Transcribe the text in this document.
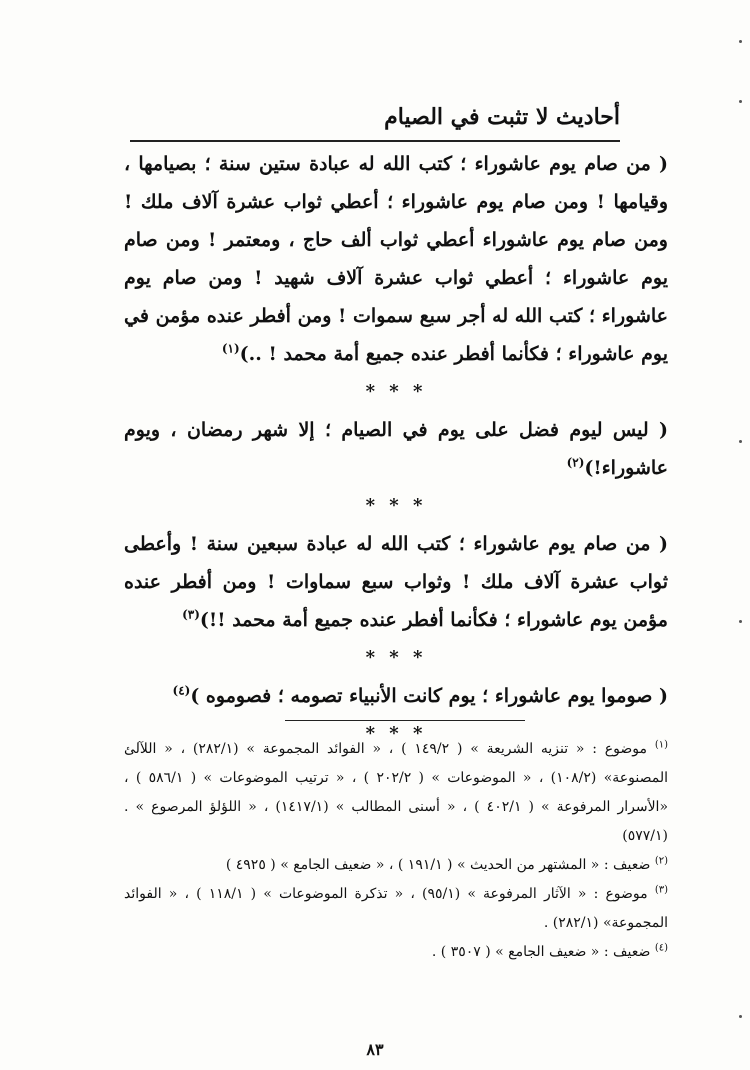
أحاديث لا تثبت في الصيام

( من صام يوم عاشوراء ؛ كتب الله له عبادة ستين سنة ؛ بصيامها ، وقيامها ! ومن صام يوم عاشوراء ؛ أعطي ثواب عشرة آلاف ملك ! ومن صام يوم عاشوراء أعطي ثواب ألف حاج ، ومعتمر ! ومن صام يوم عاشوراء ؛ أعطي ثواب عشرة آلاف شهيد ! ومن صام يوم عاشوراء ؛ كتب الله له أجر سبع سموات ! ومن أفطر عنده مؤمن في يوم عاشوراء ؛ فكأنما أفطر عنده جميع أمة محمد ! ..)$^{(١)}$

* * *

( ليس ليوم فضل على يوم في الصيام ؛ إلا شهر رمضان ، ويوم عاشوراء!)$^{(٢)}$

* * *

( من صام يوم عاشوراء ؛ كتب الله له عبادة سبعين سنة ! وأعطى ثواب عشرة آلاف ملك ! وثواب سبع سماوات ! ومن أفطر عنده مؤمن يوم عاشوراء ؛ فكأنما أفطر عنده جميع أمة محمد !!)$^{(٣)}$

* * *

( صوموا يوم عاشوراء ؛ يوم كانت الأنبياء تصومه ؛ فصوموه )$^{(٤)}$

* * *

$^{(١)}$ موضوع : « تنزيه الشريعة » ( ١٤٩/٢ ) ، « الفوائد المجموعة » (٢٨٢/١) ، « اللآلئ المصنوعة» (١٠٨/٢) ، « الموضوعات » ( ٢٠٢/٢ ) ، « ترتيب الموضوعات » ( ٥٨٦/١ ) ، «الأسرار المرفوعة » ( ٤٠٢/١ ) ، « أسنى المطالب » (١٤١٧/١) ، « اللؤلؤ المرصوع » . (٥٧٧/١)

$^{(٢)}$ ضعيف : « المشتهر من الحديث » ( ١٩١/١ ) ، « ضعيف الجامع » ( ٤٩٢٥ )

$^{(٣)}$ موضوع : « الآثار المرفوعة » (٩٥/١) ، « تذكرة الموضوعات » ( ١١٨/١ ) ، « الفوائد المجموعة» (٢٨٢/١) .

$^{(٤)}$ ضعيف : « ضعيف الجامع » ( ٣٥٠٧ ) .

٨٣
